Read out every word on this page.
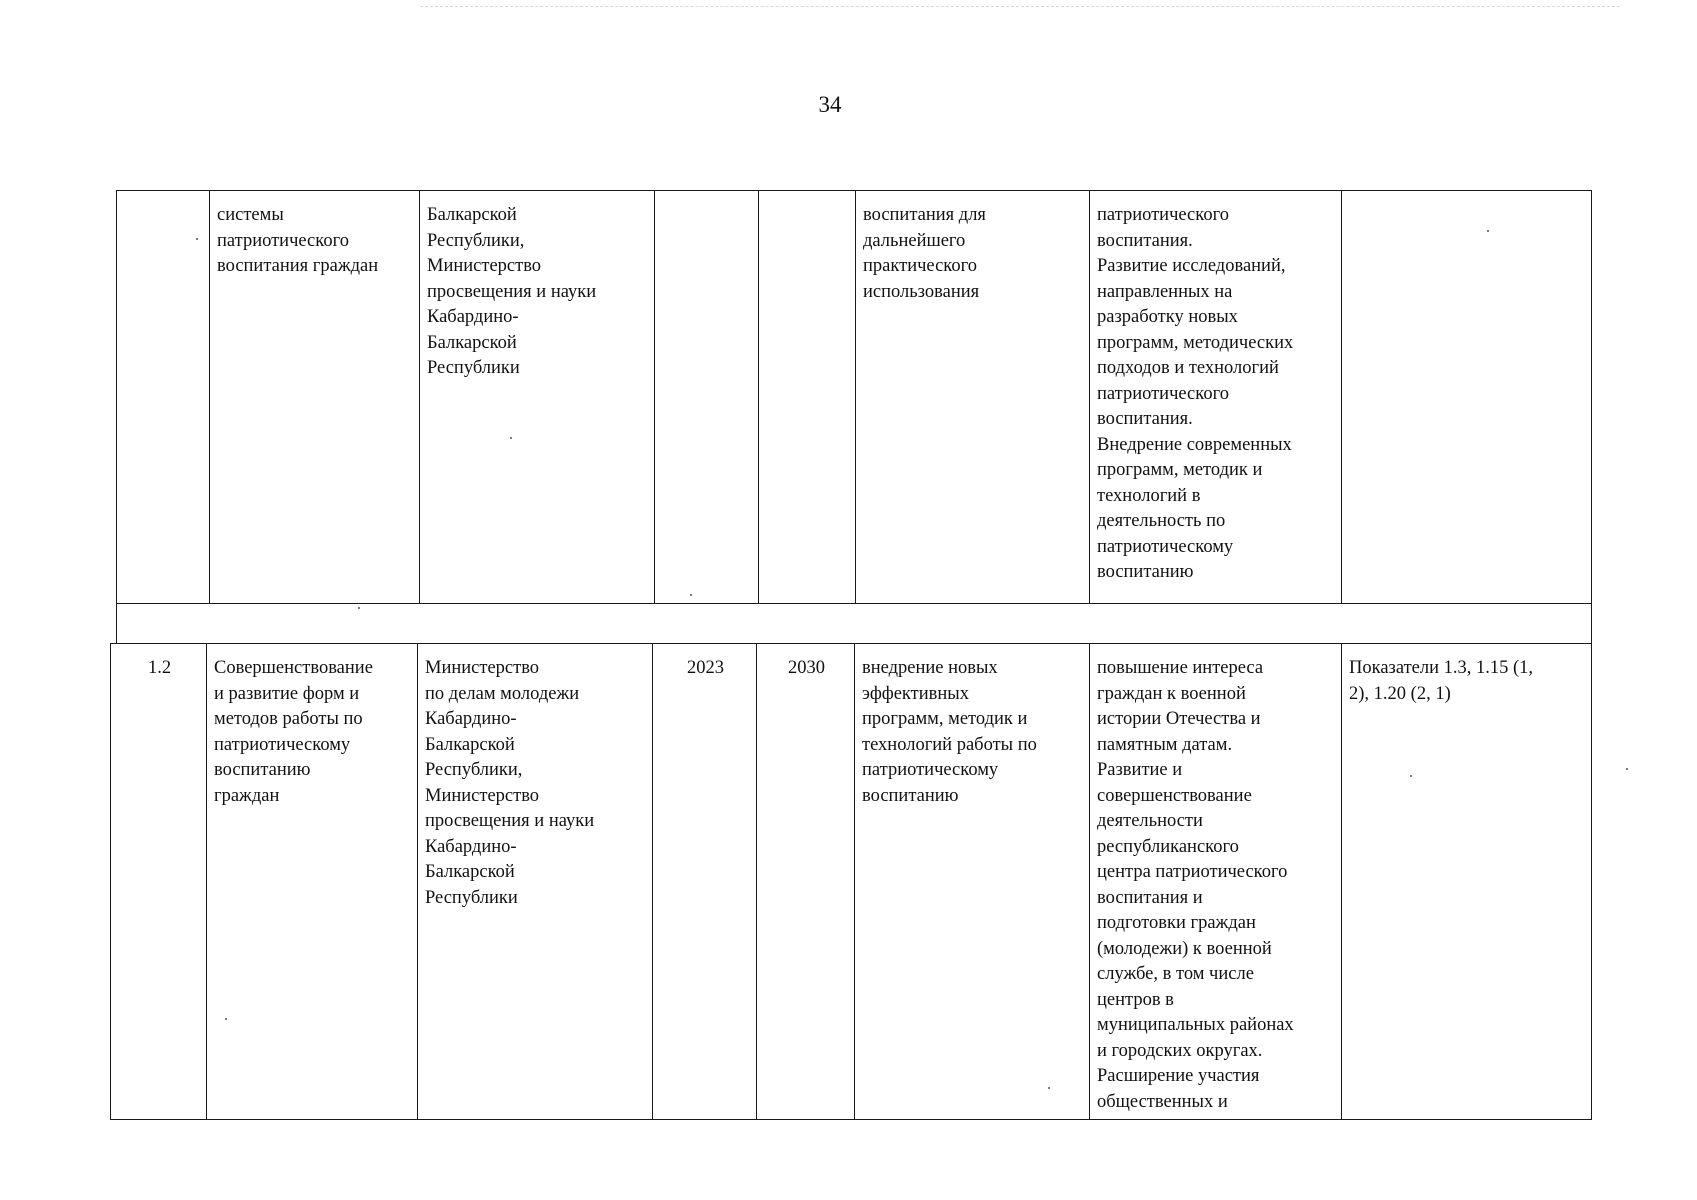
34
	системы
патриотического
воспитания граждан	Балкарской
Республики,
Министерство
просвещения и науки
Кабардино-
Балкарской
Республики			воспитания для
дальнейшего
практического
использования	патриотического
воспитания.
Развитие исследований,
направленных на
разработку новых
программ, методических
подходов и технологий
патриотического
воспитания.
Внедрение современных
программ, методик и
технологий в
деятельность по
патриотическому
воспитанию	

1.2	Совершенствование
и развитие форм и
методов работы по
патриотическому
воспитанию
граждан	Министерство
по делам молодежи
Кабардино-
Балкарской
Республики,
Министерство
просвещения и науки
Кабардино-
Балкарской
Республики	2023	2030	внедрение новых
эффективных
программ, методик и
технологий работы по
патриотическому
воспитанию	повышение интереса
граждан к военной
истории Отечества и
памятным датам.
Развитие и
совершенствование
деятельности
республиканского
центра патриотического
воспитания и
подготовки граждан
(молодежи) к военной
службе, в том числе
центров в
муниципальных районах
и городских округах.
Расширение участия
общественных и	Показатели 1.3, 1.15 (1,
2), 1.20 (2, 1)
